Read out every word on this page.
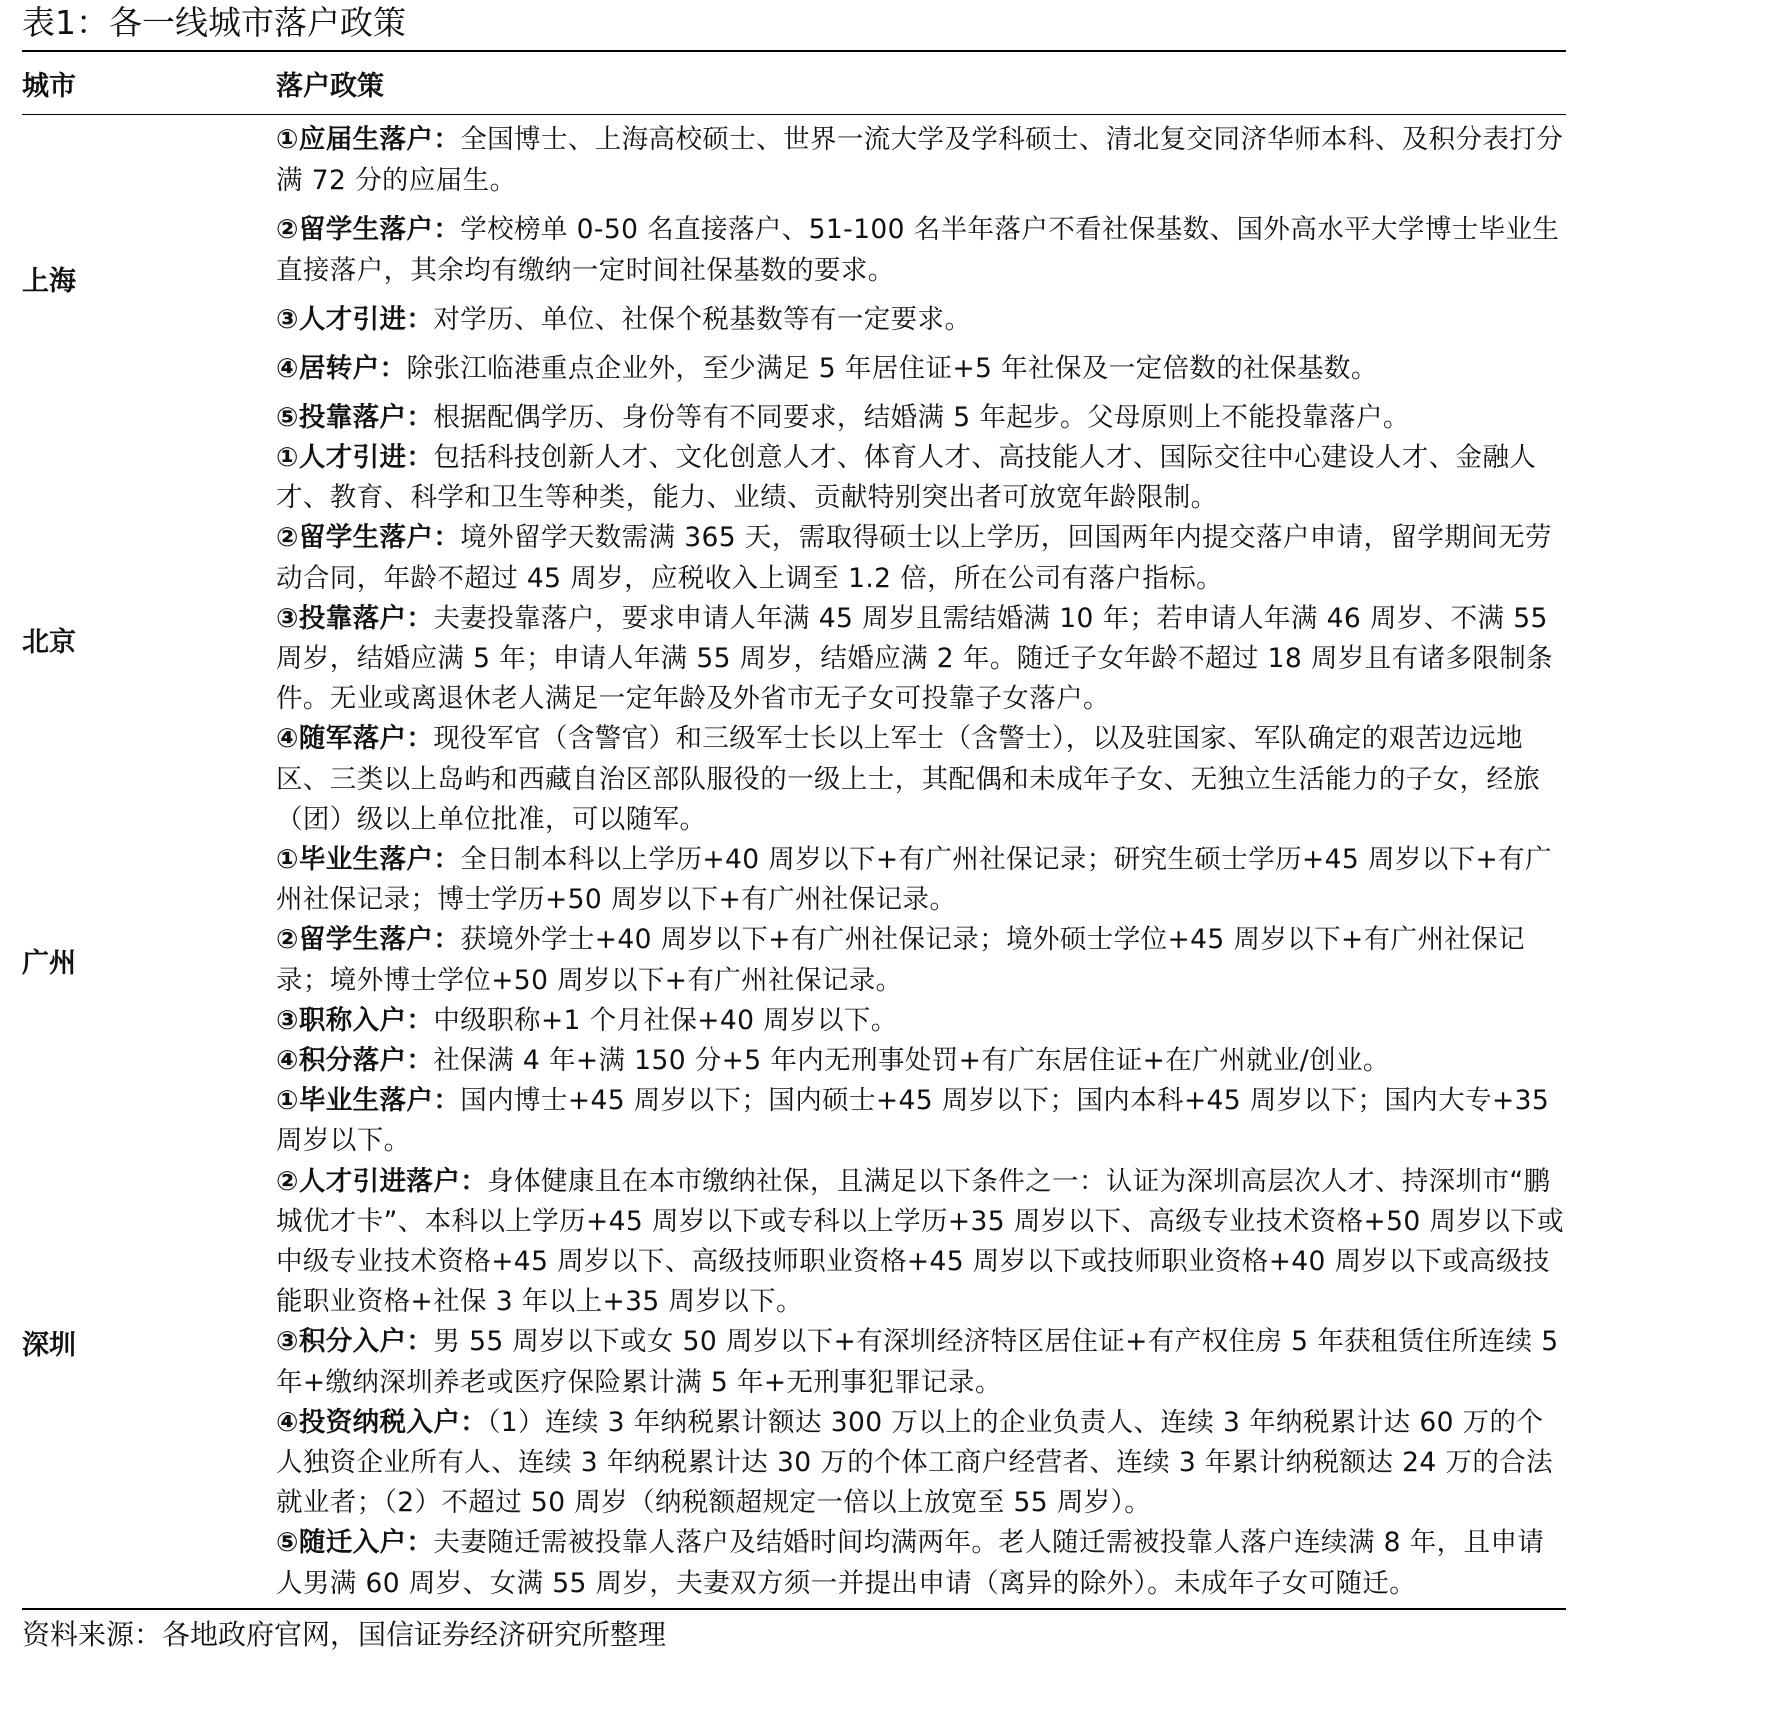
表1：各一线城市落户政策
城市	落户政策
上海

①应届生落户：全国博士、上海高校硕士、世界一流大学及学科硕士、清北复交同济华师本科、及积分表打分满 72 分的应届生。

②留学生落户：学校榜单 0-50 名直接落户、51-100 名半年落户不看社保基数、国外高水平大学博士毕业生直接落户，其余均有缴纳一定时间社保基数的要求。

③人才引进：对学历、单位、社保个税基数等有一定要求。

④居转户：除张江临港重点企业外，至少满足 5 年居住证+5 年社保及一定倍数的社保基数。

⑤投靠落户：根据配偶学历、身份等有不同要求，结婚满 5 年起步。父母原则上不能投靠落户。

北京

①人才引进：包括科技创新人才、文化创意人才、体育人才、高技能人才、国际交往中心建设人才、金融人才、教育、科学和卫生等种类，能力、业绩、贡献特别突出者可放宽年龄限制。

②留学生落户：境外留学天数需满 365 天，需取得硕士以上学历，回国两年内提交落户申请，留学期间无劳动合同，年龄不超过 45 周岁，应税收入上调至 1.2 倍，所在公司有落户指标。

③投靠落户：夫妻投靠落户，要求申请人年满 45 周岁且需结婚满 10 年；若申请人年满 46 周岁、不满 55 周岁，结婚应满 5 年；申请人年满 55 周岁，结婚应满 2 年。随迁子女年龄不超过 18 周岁且有诸多限制条件。无业或离退休老人满足一定年龄及外省市无子女可投靠子女落户。

④随军落户：现役军官（含警官）和三级军士长以上军士（含警士），以及驻国家、军队确定的艰苦边远地区、三类以上岛屿和西藏自治区部队服役的一级上士，其配偶和未成年子女、无独立生活能力的子女，经旅（团）级以上单位批准，可以随军。

广州

①毕业生落户：全日制本科以上学历+40 周岁以下+有广州社保记录；研究生硕士学历+45 周岁以下+有广州社保记录；博士学历+50 周岁以下+有广州社保记录。

②留学生落户：获境外学士+40 周岁以下+有广州社保记录；境外硕士学位+45 周岁以下+有广州社保记录；境外博士学位+50 周岁以下+有广州社保记录。

③职称入户：中级职称+1 个月社保+40 周岁以下。

④积分落户：社保满 4 年+满 150 分+5 年内无刑事处罚+有广东居住证+在广州就业/创业。

深圳

①毕业生落户：国内博士+45 周岁以下；国内硕士+45 周岁以下；国内本科+45 周岁以下；国内大专+35 周岁以下。

②人才引进落户：身体健康且在本市缴纳社保，且满足以下条件之一：认证为深圳高层次人才、持深圳市“鹏城优才卡”、本科以上学历+45 周岁以下或专科以上学历+35 周岁以下、高级专业技术资格+50 周岁以下或中级专业技术资格+45 周岁以下、高级技师职业资格+45 周岁以下或技师职业资格+40 周岁以下或高级技能职业资格+社保 3 年以上+35 周岁以下。

③积分入户：男 55 周岁以下或女 50 周岁以下+有深圳经济特区居住证+有产权住房 5 年获租赁住所连续 5 年+缴纳深圳养老或医疗保险累计满 5 年+无刑事犯罪记录。

④投资纳税入户：（1）连续 3 年纳税累计额达 300 万以上的企业负责人、连续 3 年纳税累计达 60 万的个人独资企业所有人、连续 3 年纳税累计达 30 万的个体工商户经营者、连续 3 年累计纳税额达 24 万的合法就业者；（2）不超过 50 周岁（纳税额超规定一倍以上放宽至 55 周岁）。

⑤随迁入户：夫妻随迁需被投靠人落户及结婚时间均满两年。老人随迁需被投靠人落户连续满 8 年，且申请人男满 60 周岁、女满 55 周岁，夫妻双方须一并提出申请（离异的除外）。未成年子女可随迁。

资料来源：各地政府官网，国信证券经济研究所整理
